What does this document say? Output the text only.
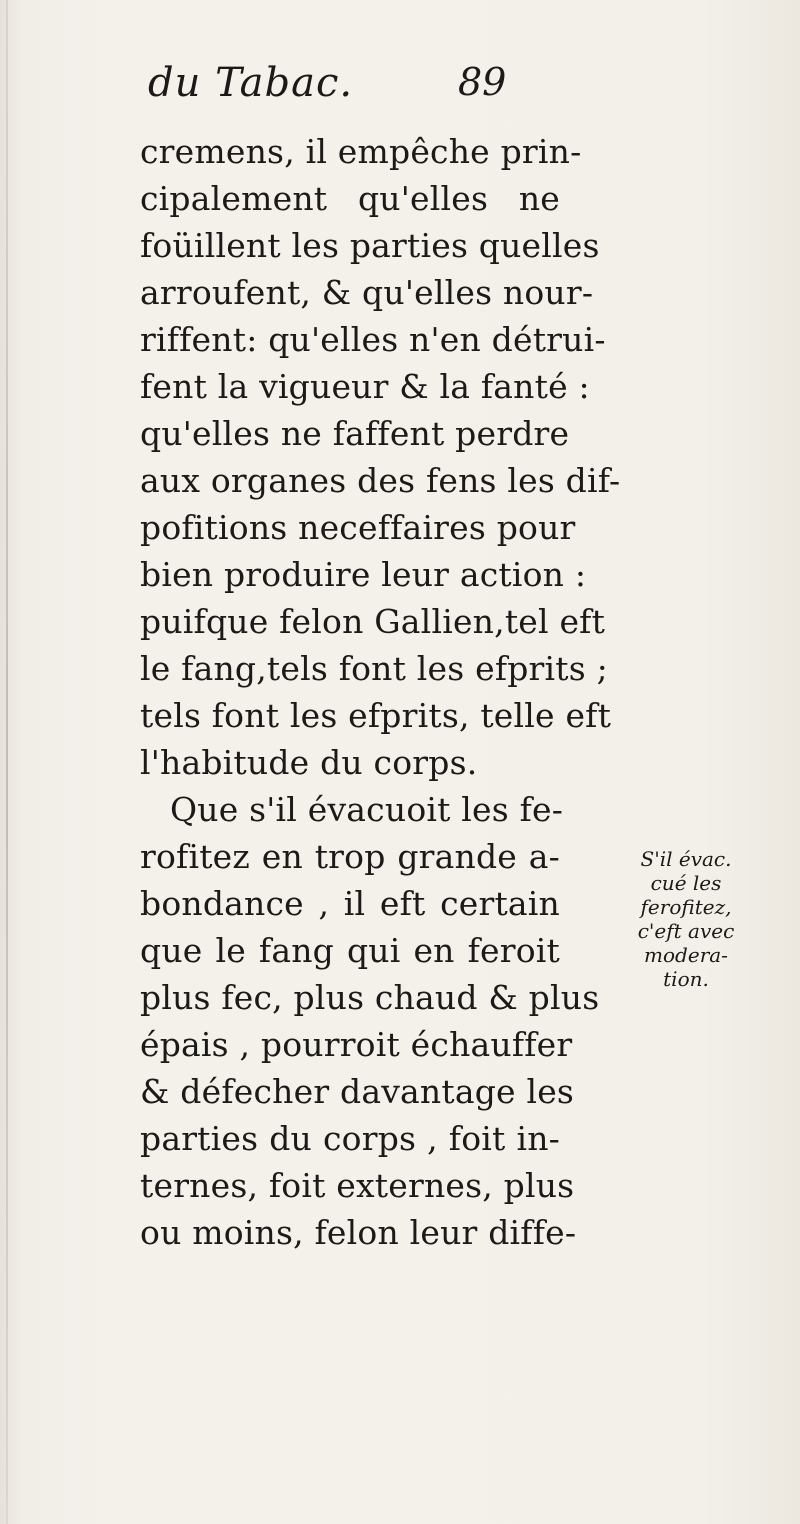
du Tabac.	89
cremens, il empêche prin-
cipalement qu'elles ne
foüillent les parties quelles
arroufent, & qu'elles nour-
riffent: qu'elles n'en détrui-
fent la vigueur & la fanté :
qu'elles ne faffent perdre
aux organes des fens les dif-
pofitions neceffaires pour
bien produire leur action :
puifque felon Gallien,tel eft
le fang,tels font les efprits ;
tels font les efprits, telle eft
l'habitude du corps.
Que s'il évacuoit les fe-
rofitez en trop grande a-
bondance , il eft certain
que le fang qui en feroit
plus fec, plus chaud & plus
épais , pourroit échauffer
& défecher davantage les
parties du corps , foit in-
ternes, foit externes, plus
ou moins, felon leur diffe-
S'il évac.
cué les
ferofitez,
c'eft avec
modera-
tion.
